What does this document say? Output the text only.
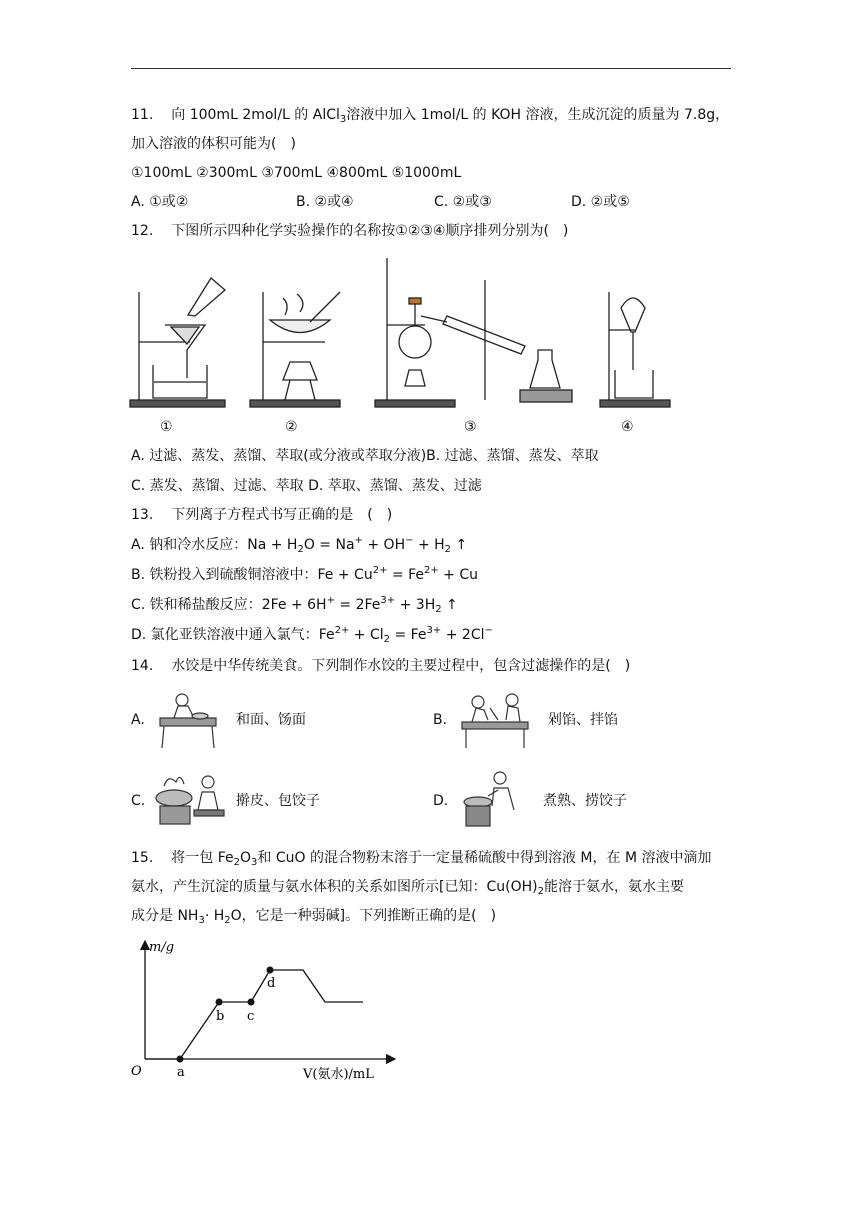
11. 向 100mL 2mol/L 的 AlCl$_3$溶液中加入 1mol/L 的 KOH 溶液，生成沉淀的质量为 7.8g，
加入溶液的体积可能为(　)
①100mL ②300mL ③700mL ④800mL ⑤1000mL
A. ①或②	B. ②或④	C. ②或③	D. ②或⑤
12. 下图所示四种化学实验操作的名称按①②③④顺序排列分别为(　)
①	②	③	④
A. 过滤、蒸发、蒸馏、萃取(或分液或萃取分液)B. 过滤、蒸馏、蒸发、萃取
C. 蒸发、蒸馏、过滤、萃取 D. 萃取、蒸馏、蒸发、过滤
13. 下列离子方程式书写正确的是　(　)
A. 钠和冷水反应：$Na + H_2O = Na^+ + OH^- + H_2$ ↑
B. 铁粉投入到硫酸铜溶液中：$Fe + Cu^{2+} = Fe^{2+} + Cu$
C. 铁和稀盐酸反应：$2Fe + 6H^+ = 2Fe^{3+} + 3H_2$ ↑
D. 氯化亚铁溶液中通入氯气：$Fe^{2+} + Cl_2 = Fe^{3+} + 2Cl^-$
14. 水饺是中华传统美食。下列制作水饺的主要过程中，包含过滤操作的是(　)
A.	和面、饧面	B.	剁馅、拌馅
C.	擀皮、包饺子	D.	煮熟、捞饺子
15. 将一包 $Fe_2O_3$和 CuO 的混合物粉末溶于一定量稀硫酸中得到溶液 M，在 M 溶液中滴加
氨水，产生沉淀的质量与氨水体积的关系如图所示[已知：$Cu(OH)_2$能溶于氨水，氨水主要
成分是 $NH_3\cdot H_2O$，它是一种弱碱]。下列推断正确的是(　)
m/g
O	V(氨水)/mL
a
b c
d
